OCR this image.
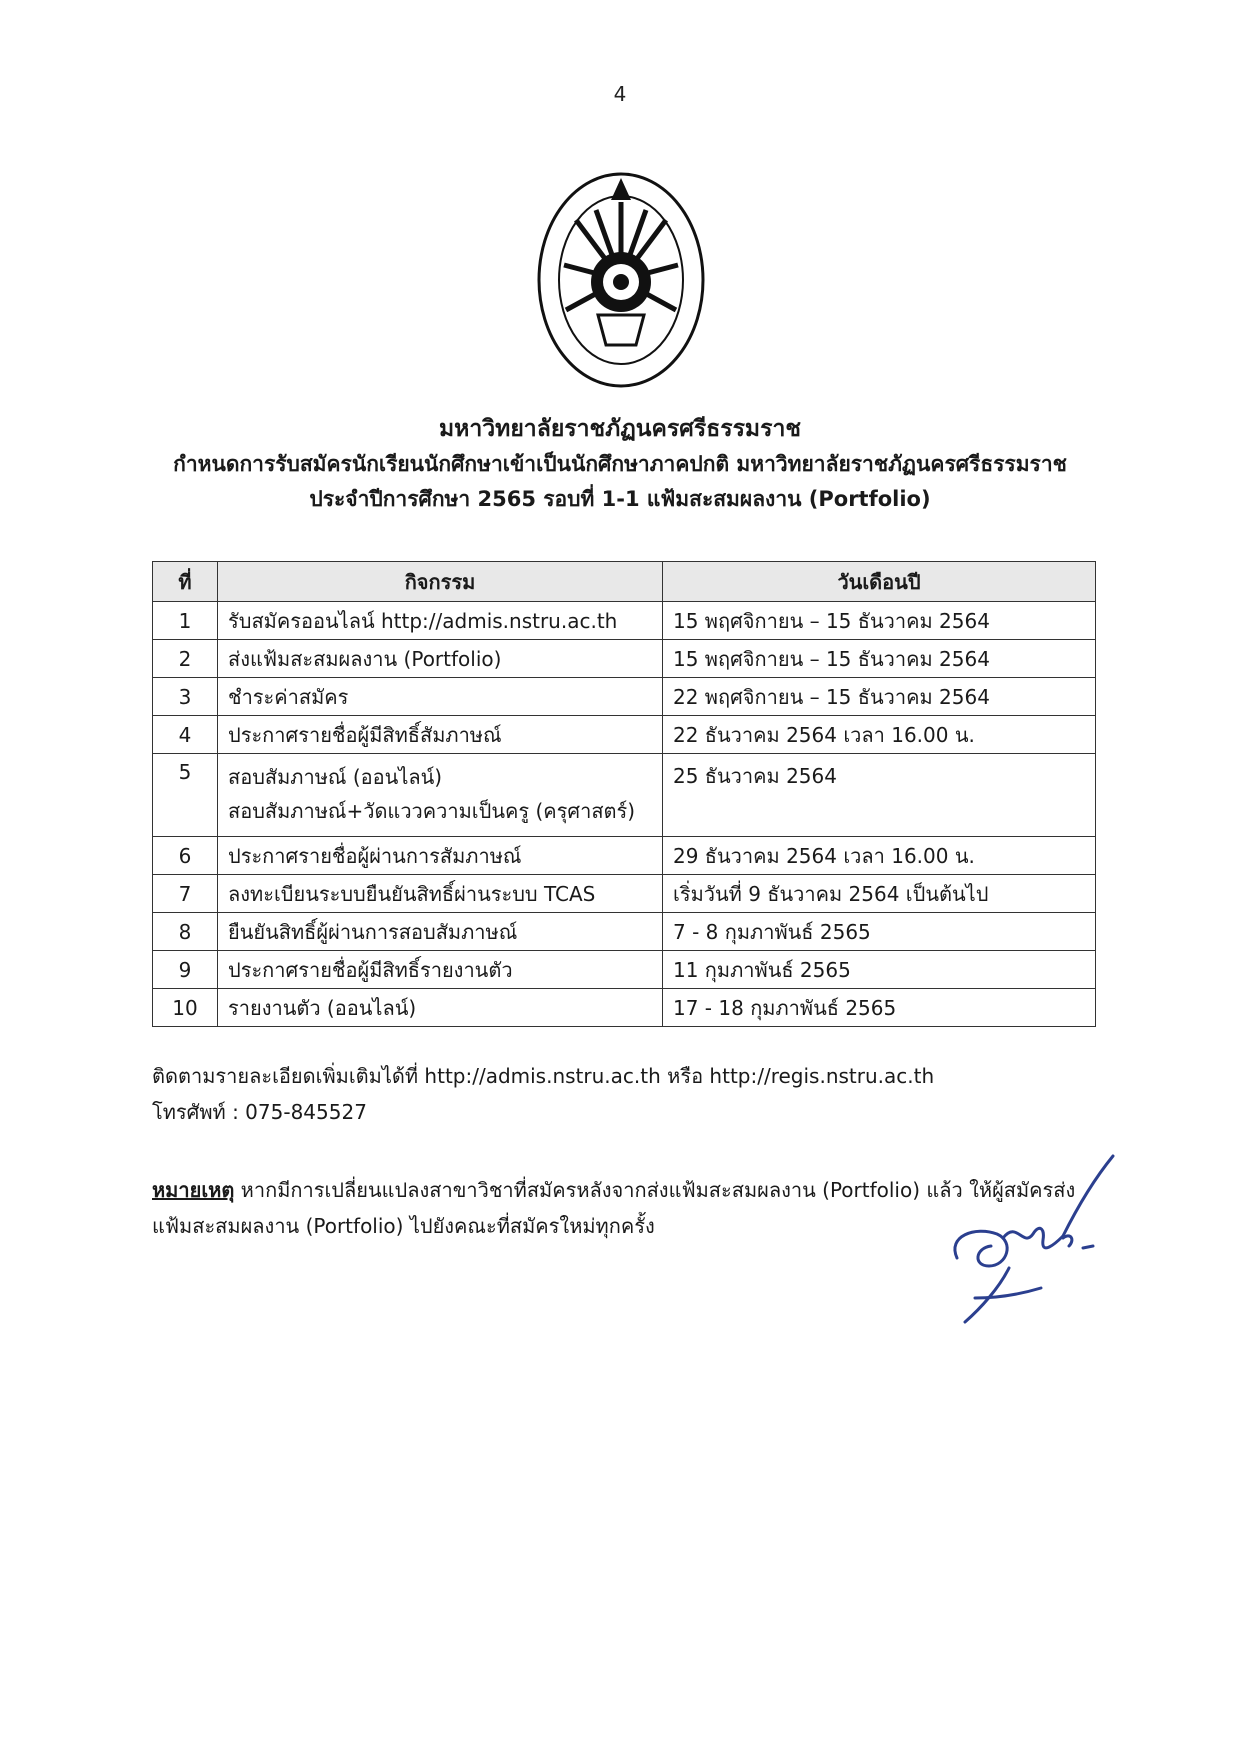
4
มหาวิทยาลัยราชภัฏนครศรีธรรมราช
กำหนดการรับสมัครนักเรียนนักศึกษาเข้าเป็นนักศึกษาภาคปกติ มหาวิทยาลัยราชภัฏนครศรีธรรมราช
ประจำปีการศึกษา 2565 รอบที่ 1-1 แฟ้มสะสมผลงาน (Portfolio)
ที่	กิจกรรม	วันเดือนปี
1	รับสมัครออนไลน์ http://admis.nstru.ac.th	15 พฤศจิกายน – 15 ธันวาคม 2564
2	ส่งแฟ้มสะสมผลงาน (Portfolio)	15 พฤศจิกายน – 15 ธันวาคม 2564
3	ชำระค่าสมัคร	22 พฤศจิกายน – 15 ธันวาคม 2564
4	ประกาศรายชื่อผู้มีสิทธิ์สัมภาษณ์	22 ธันวาคม 2564 เวลา 16.00 น.
5	สอบสัมภาษณ์ (ออนไลน์)
สอบสัมภาษณ์+วัดแววความเป็นครู (ครุศาสตร์)	25 ธันวาคม 2564
6	ประกาศรายชื่อผู้ผ่านการสัมภาษณ์	29 ธันวาคม 2564 เวลา 16.00 น.
7	ลงทะเบียนระบบยืนยันสิทธิ์ผ่านระบบ TCAS	เริ่มวันที่ 9 ธันวาคม 2564 เป็นต้นไป
8	ยืนยันสิทธิ์ผู้ผ่านการสอบสัมภาษณ์	7 - 8 กุมภาพันธ์ 2565
9	ประกาศรายชื่อผู้มีสิทธิ์รายงานตัว	11 กุมภาพันธ์ 2565
10	รายงานตัว (ออนไลน์)	17 - 18 กุมภาพันธ์ 2565
ติดตามรายละเอียดเพิ่มเติมได้ที่ http://admis.nstru.ac.th หรือ http://regis.nstru.ac.th
โทรศัพท์ : 075-845527
หมายเหตุ หากมีการเปลี่ยนแปลงสาขาวิชาที่สมัครหลังจากส่งแฟ้มสะสมผลงาน (Portfolio) แล้ว ให้ผู้สมัครส่งแฟ้มสะสมผลงาน (Portfolio) ไปยังคณะที่สมัครใหม่ทุกครั้ง
